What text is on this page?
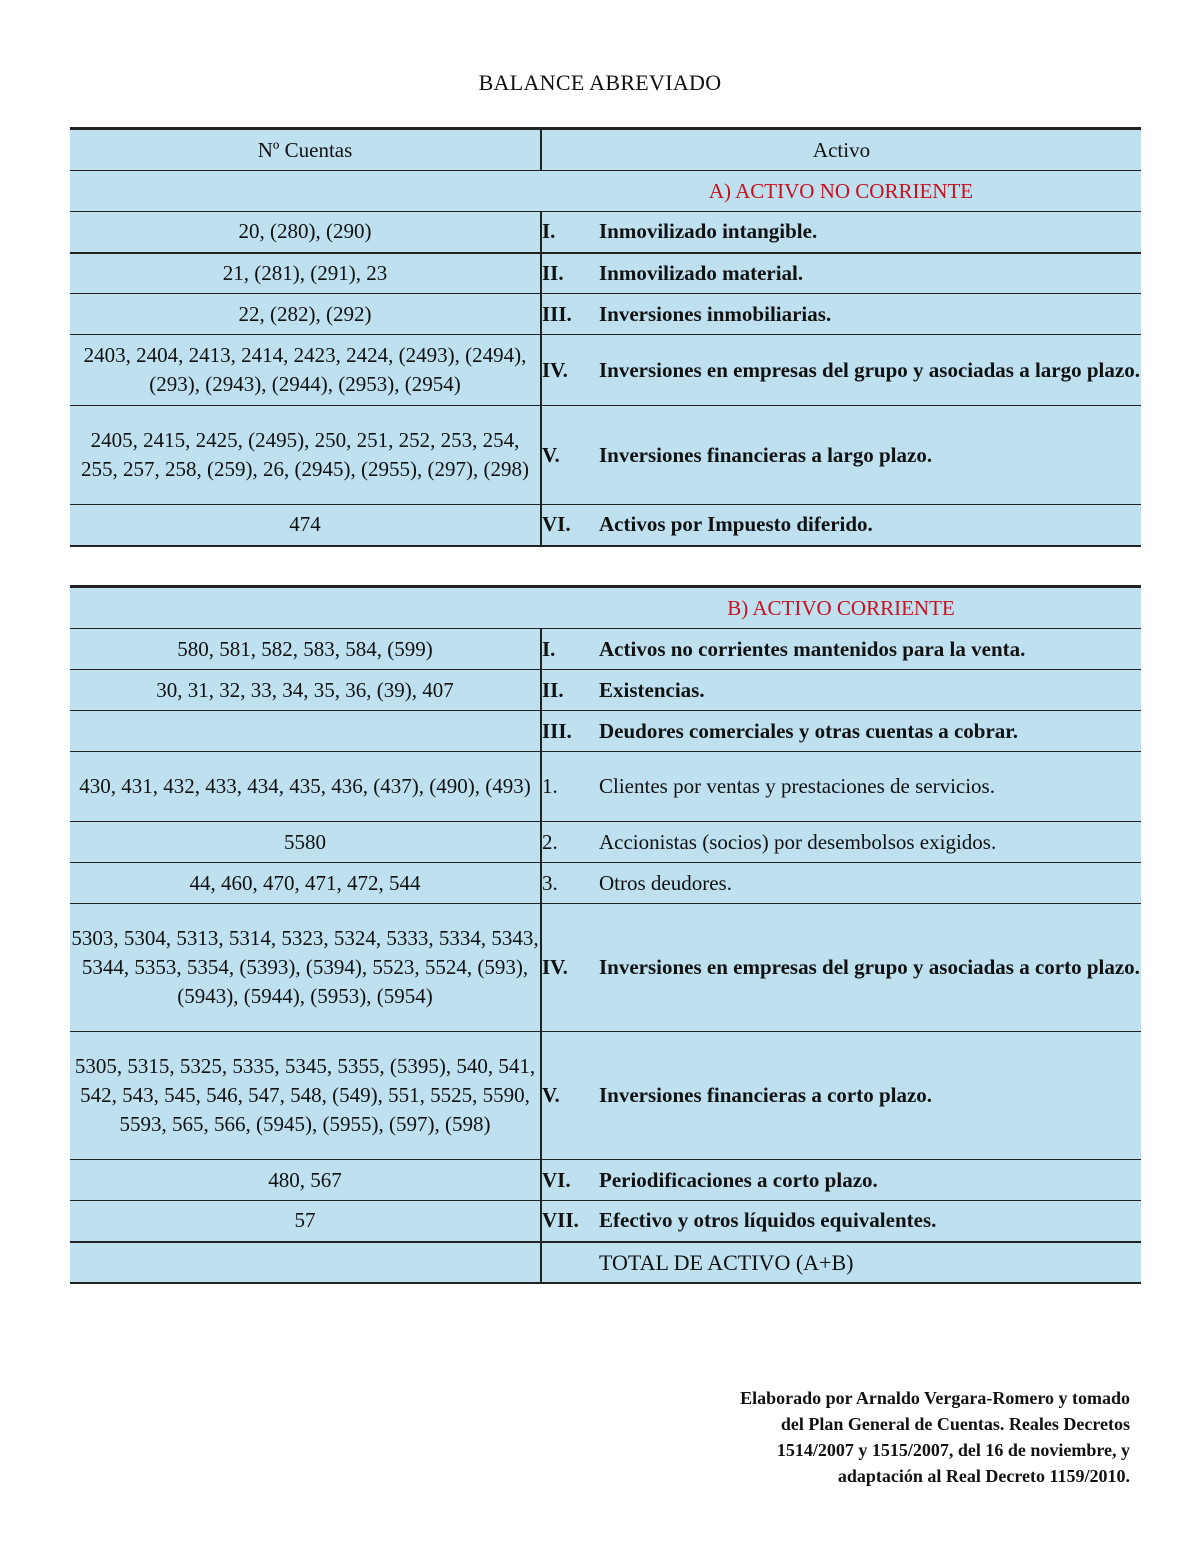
BALANCE ABREVIADO
Nº Cuentas	Activo
	A) ACTIVO NO CORRIENTE
20, (280), (290)	I. Inmovilizado intangible.

21, (281), (291), 23	II. Inmovilizado material.

22, (282), (292)	III. Inversiones inmobiliarias.

2403, 2404, 2413, 2414, 2423, 2424, (2493), (2494), (293), (2943), (2944), (2953), (2954)	IV. Inversiones en empresas del grupo y asociadas a largo plazo.

2405, 2415, 2425, (2495), 250, 251, 252, 253, 254, 255, 257, 258, (259), 26, (2945), (2955), (297), (298)	V. Inversiones financieras a largo plazo.

474	VI. Activos por Impuesto diferido.
	B) ACTIVO CORRIENTE
580, 581, 582, 583, 584, (599)	I. Activos no corrientes mantenidos para la venta.

30, 31, 32, 33, 34, 35, 36, (39), 407	II. Existencias.

	III. Deudores comerciales y otras cuentas a cobrar.

430, 431, 432, 433, 434, 435, 436, (437), (490), (493)	1. Clientes por ventas y prestaciones de servicios.

5580	2. Accionistas (socios) por desembolsos exigidos.

44, 460, 470, 471, 472, 544	3. Otros deudores.

5303, 5304, 5313, 5314, 5323, 5324, 5333, 5334, 5343, 5344, 5353, 5354, (5393), (5394), 5523, 5524, (593), (5943), (5944), (5953), (5954)	IV. Inversiones en empresas del grupo y asociadas a corto plazo.

5305, 5315, 5325, 5335, 5345, 5355, (5395), 540, 541, 542, 543, 545, 546, 547, 548, (549), 551, 5525, 5590, 5593, 565, 566, (5945), (5955), (597), (598)	V. Inversiones financieras a corto plazo.

480, 567	VI. Periodificaciones a corto plazo.

57	VII. Efectivo y otros líquidos equivalentes.

	TOTAL DE ACTIVO (A+B)
Elaborado por Arnaldo Vergara-Romero y tomado
del Plan General de Cuentas. Reales Decretos
1514/2007 y 1515/2007, del 16 de noviembre, y
adaptación al Real Decreto 1159/2010.
